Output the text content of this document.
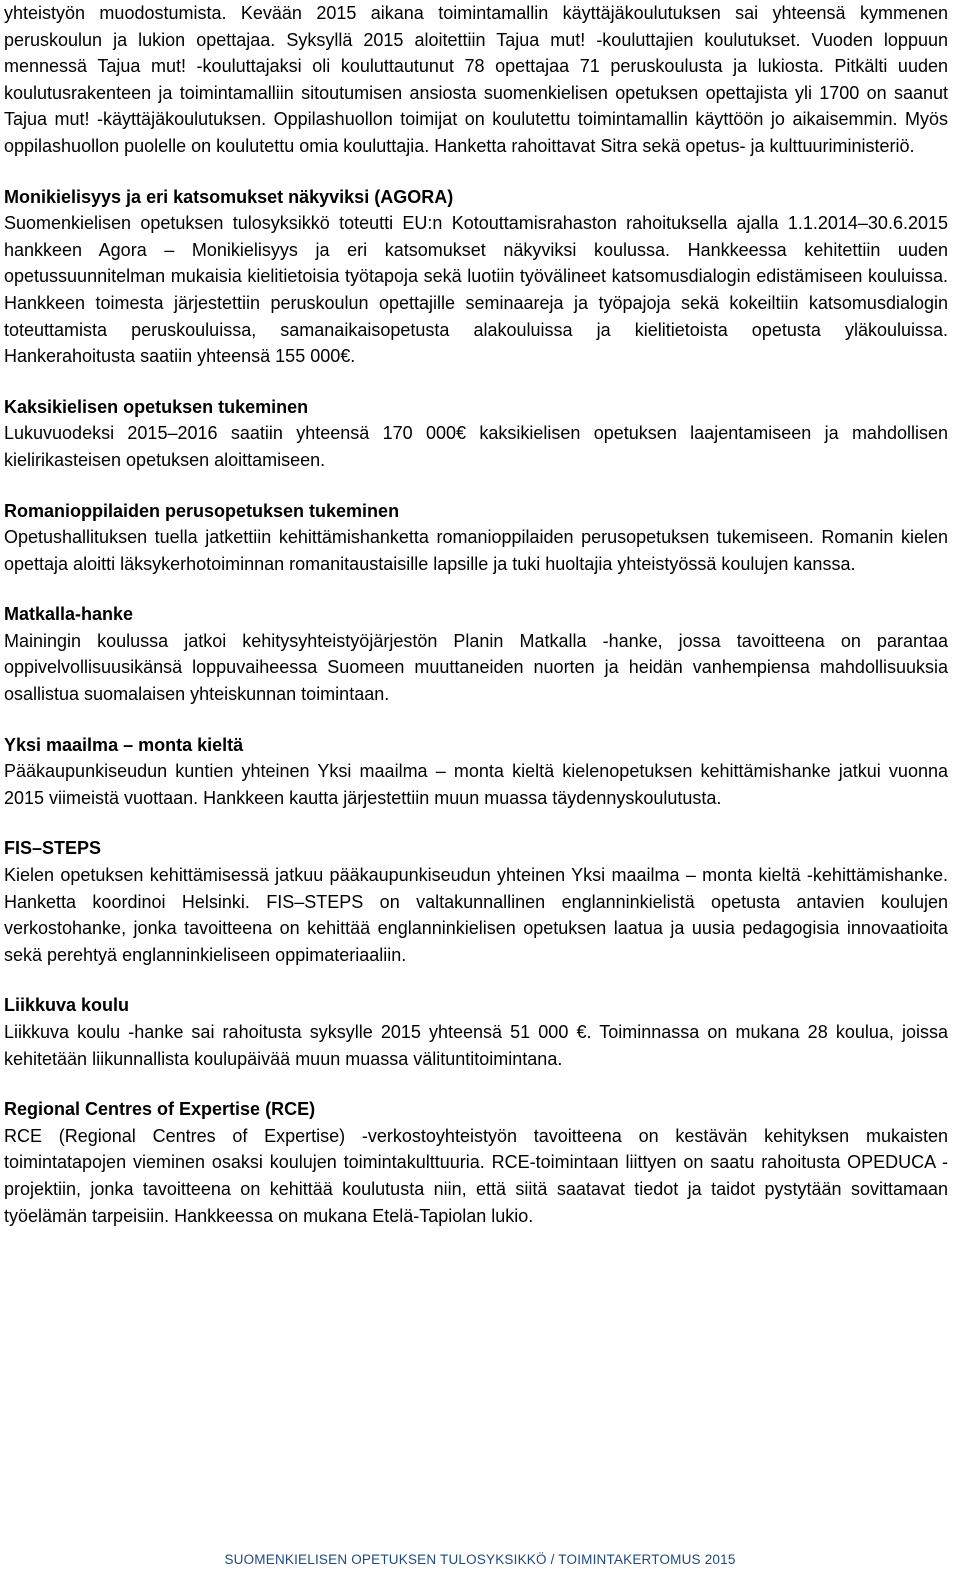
yhteistyön muodostumista. Kevään 2015 aikana toimintamallin käyttäjäkoulutuksen sai yhteensä kymmenen peruskoulun ja lukion opettajaa. Syksyllä 2015 aloitettiin Tajua mut! -kouluttajien koulutukset. Vuoden loppuun mennessä Tajua mut! -kouluttajaksi oli kouluttautunut 78 opettajaa 71 peruskoulusta ja lukiosta. Pitkälti uuden koulutusrakenteen ja toimintamalliin sitoutumisen ansiosta suomenkielisen opetuksen opettajista yli 1700 on saanut Tajua mut! -käyttäjäkoulutuksen. Oppilashuollon toimijat on koulutettu toimintamallin käyttöön jo aikaisemmin. Myös oppilashuollon puolelle on koulutettu omia kouluttajia. Hanketta rahoittavat Sitra sekä opetus- ja kulttuuriministeriö.

Monikielisyys ja eri katsomukset näkyviksi (AGORA)

Suomenkielisen opetuksen tulosyksikkö toteutti EU:n Kotouttamisrahaston rahoituksella ajalla 1.1.2014–30.6.2015 hankkeen Agora – Monikielisyys ja eri katsomukset näkyviksi koulussa. Hankkeessa kehitettiin uuden opetussuunnitelman mukaisia kielitietoisia työtapoja sekä luotiin työvälineet katsomusdialogin edistämiseen kouluissa. Hankkeen toimesta järjestettiin peruskoulun opettajille seminaareja ja työpajoja sekä kokeiltiin katsomusdialogin toteuttamista peruskouluissa, samanaikaisopetusta alakouluissa ja kielitietoista opetusta yläkouluissa. Hankerahoitusta saatiin yhteensä 155 000€.

Kaksikielisen opetuksen tukeminen

Lukuvuodeksi 2015–2016 saatiin yhteensä 170 000€ kaksikielisen opetuksen laajentamiseen ja mahdollisen kielirikasteisen opetuksen aloittamiseen.

Romanioppilaiden perusopetuksen tukeminen

Opetushallituksen tuella jatkettiin kehittämishanketta romanioppilaiden perusopetuksen tukemiseen. Romanin kielen opettaja aloitti läksykerhotoiminnan romanitaustaisille lapsille ja tuki huoltajia yhteistyössä koulujen kanssa.

Matkalla-hanke

Mainingin koulussa jatkoi kehitysyhteistyöjärjestön Planin Matkalla -hanke, jossa tavoitteena on parantaa oppivelvollisuusikänsä loppuvaiheessa Suomeen muuttaneiden nuorten ja heidän vanhempiensa mahdollisuuksia osallistua suomalaisen yhteiskunnan toimintaan.

Yksi maailma – monta kieltä

Pääkaupunkiseudun kuntien yhteinen Yksi maailma – monta kieltä kielenopetuksen kehittämishanke jatkui vuonna 2015 viimeistä vuottaan. Hankkeen kautta järjestettiin muun muassa täydennyskoulutusta.

FIS–STEPS

Kielen opetuksen kehittämisessä jatkuu pääkaupunkiseudun yhteinen Yksi maailma – monta kieltä -kehittämishanke. Hanketta koordinoi Helsinki. FIS–STEPS on valtakunnallinen englanninkielistä opetusta antavien koulujen verkostohanke, jonka tavoitteena on kehittää englanninkielisen opetuksen laatua ja uusia pedagogisia innovaatioita sekä perehtyä englanninkieliseen oppimateriaaliin.

Liikkuva koulu

Liikkuva koulu -hanke sai rahoitusta syksylle 2015 yhteensä 51 000 €. Toiminnassa on mukana 28 koulua, joissa kehitetään liikunnallista koulupäivää muun muassa välituntitoimintana.

Regional Centres of Expertise (RCE)

RCE (Regional Centres of Expertise) -verkostoyhteistyön tavoitteena on kestävän kehityksen mukaisten toimintatapojen vieminen osaksi koulujen toimintakulttuuria. RCE-toimintaan liittyen on saatu rahoitusta OPEDUCA -projektiin, jonka tavoitteena on kehittää koulutusta niin, että siitä saatavat tiedot ja taidot pystytään sovittamaan työelämän tarpeisiin. Hankkeessa on mukana Etelä-Tapiolan lukio.

SUOMENKIELISEN OPETUKSEN TULOSYKSIKKÖ / TOIMINTAKERTOMUS 2015
